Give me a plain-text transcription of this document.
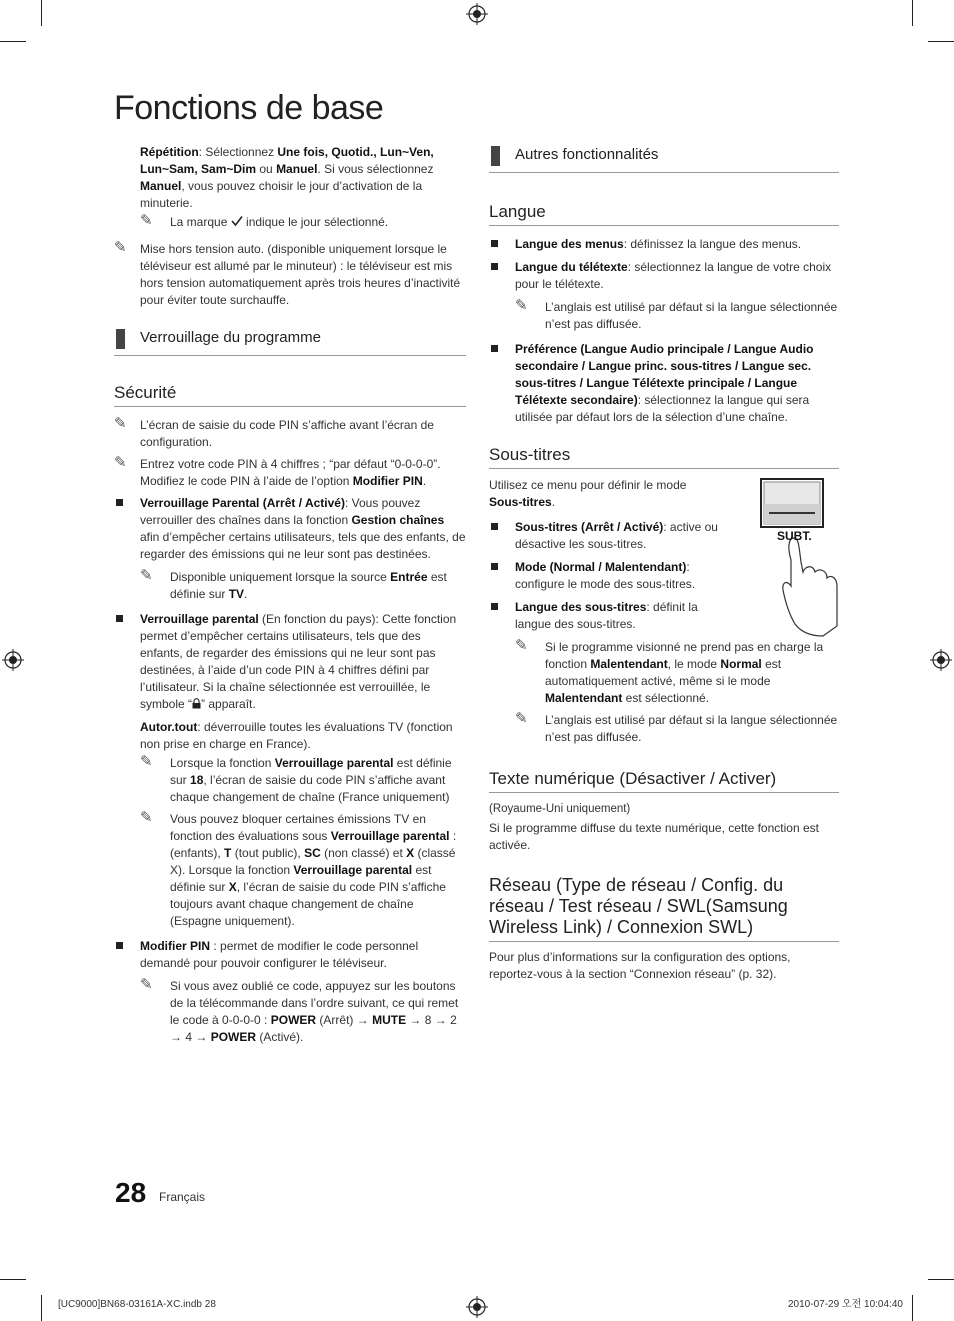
Fonctions de base

Répétition: Sélectionnez Une fois, Quotid., Lun~Ven, Lun~Sam, Sam~Dim ou Manuel. Si vous sélectionnez Manuel, vous pouvez choisir le jour d’activation de la minuterie.

✎	La marque  indique le jour sélectionné.
✎	Mise hors tension auto. (disponible uniquement lorsque le téléviseur est allumé par le minuteur) : le téléviseur est mis hors tension automatiquement après trois heures d’inactivité pour éviter toute surchauffe.
Verrouillage du programme
Sécurité
✎	L’écran de saisie du code PIN s’affiche avant l’écran de configuration.
✎	Entrez votre code PIN à 4 chiffres ; “par défaut “0-0-0-0”. Modifiez le code PIN à l’aide de l’option Modifier PIN.
Verrouillage Parental (Arrêt / Activé): Vous pouvez verrouiller des chaînes dans la fonction Gestion chaînes afin d’empêcher certains utilisateurs, tels que des enfants, de regarder des émissions qui ne leur sont pas destinées.
✎	Disponible uniquement lorsque la source Entrée est définie sur TV.
Verrouillage parental (En fonction du pays): Cette fonction permet d’empêcher certains utilisateurs, tels que des enfants, de regarder des émissions qui ne leur sont pas destinées, à l’aide d’un code PIN à 4 chiffres défini par l’utilisateur. Si la chaîne sélectionnée est verrouillée, le symbole “ ” apparaît.

Autor.tout: déverrouille toutes les évaluations TV (fonction non prise en charge en France).

✎	Lorsque la fonction Verrouillage parental est définie sur 18, l’écran de saisie du code PIN s’affiche avant chaque changement de chaîne (France uniquement)
✎	Vous pouvez bloquer certaines émissions TV en fonction des évaluations sous Verrouillage parental : (enfants), T (tout public), SC (non classé) et X (classé X). Lorsque la fonction Verrouillage parental est définie sur X, l’écran de saisie du code PIN s’affiche toujours avant chaque changement de chaîne (Espagne uniquement).
Modifier PIN : permet de modifier le code personnel demandé pour pouvoir configurer le téléviseur.
✎	Si vous avez oublié ce code, appuyez sur les boutons de la télécommande dans l’ordre suivant, ce qui remet le code à 0-0-0-0 : POWER (Arrêt) → MUTE → 8 → 2 → 4 → POWER (Activé).
Autres fonctionnalités
Langue
Langue des menus: définissez la langue des menus.
Langue du télétexte: sélectionnez la langue de votre choix pour le télétexte.
✎	L’anglais est utilisé par défaut si la langue sélectionnée n’est pas diffusée.
Préférence (Langue Audio principale / Langue Audio secondaire / Langue princ. sous-titres / Langue sec. sous-titres / Langue Télétexte principale / Langue Télétexte secondaire): sélectionnez la langue qui sera utilisée par défaut lors de la sélection d’une chaîne.
Sous-titres

Utilisez ce menu pour définir le mode Sous-titres.

Sous-titres (Arrêt / Activé): active ou désactive les sous-titres.
Mode (Normal / Malentendant): configure le mode des sous-titres.
Langue des sous-titres: définit la langue des sous-titres.
✎	Si le programme visionné ne prend pas en charge la fonction Malentendant, le mode Normal est automatiquement activé, même si le mode Malentendant est sélectionné.
✎	L’anglais est utilisé par défaut si la langue sélectionnée n’est pas diffusée.
Texte numérique (Désactiver / Activer)

(Royaume-Uni uniquement)

Si le programme diffuse du texte numérique, cette fonction est activée.

Réseau (Type de réseau / Config. du réseau / Test réseau / SWL(Samsung Wireless Link) / Connexion SWL)

Pour plus d’informations sur la configuration des options, reportez-vous à la section “Connexion réseau” (p. 32).

SUBT.
28 Français
[UC9000]BN68-03161A-XC.indb 28	2010-07-29 오전 10:04:40
